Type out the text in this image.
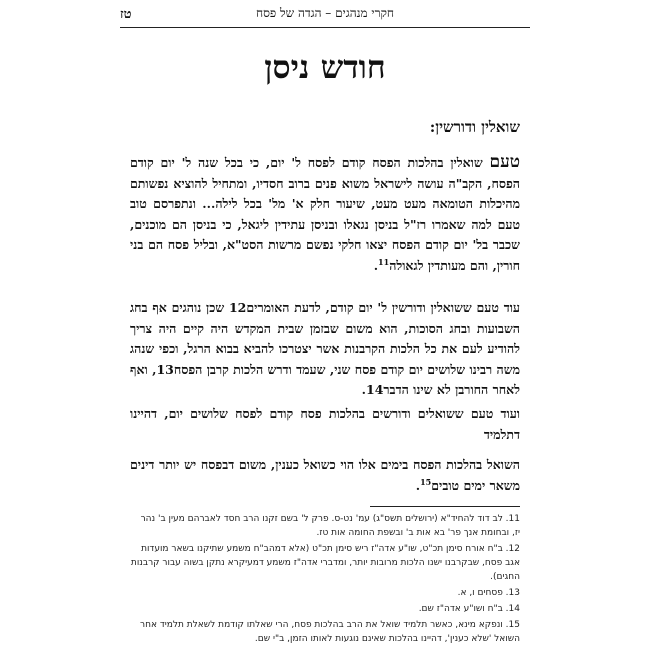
טז	חקרי מנהגים – הגדה של פסח
חודש ניסן
שואלין ודורשין:
טעם שואלין בהלכות הפסח קודם לפסח ל' יום, כי בכל שנה ל' יום קודם הפסח, הקב"ה עושה לישראל משוא פנים ברוב חסדיו, ומתחיל להוציא נפשותם מהיכלות הטומאה מעט מעט, שיעור חלק א' מל' בכל לילה... ונתפרסם טוב טעם למה שאמרו רז"ל בניסן נגאלו ובניסן עתידין ליגאל, כי בניסן הם מוכנים, שכבר בל' יום קודם הפסח יצאו חלקי נפשם מרשות הסט"א, ובליל פסח הם בני חורין, והם מעותדין לגאולה$^{11}$.
עוד טעם ששואלין ודורשין ל' יום קודם, לדעת האומרים12 שכן נוהגים אף בחג השבועות ובחג הסוכות, הוא משום שבזמן שבית המקדש היה קיים היה צריך להודיע לעם את כל הלכות הקרבנות אשר יצטרכו להביא בבוא הרגל, וכפי שנהג משה רבינו שלושים יום קודם פסח שני, שעמד ודרש הלכות קרבן הפסח13, ואף לאחר החורבן לא שינו הדבר14.
ועוד טעם ששואלים ודורשים בהלכות פסח קודם לפסח שלושים יום, דהיינו דתלמיד
השואל בהלכות הפסח בימים אלו הוי כשואל כענין, משום דבפסח יש יותר דינים משאר ימים טובים$^{15}$.

11. לב דוד להחיד"א (ירושלים תשס"ג) עמ' נט-ס. פרק ל' בשם זקנו הרב חסד לאברהם מעין ב' נהר יז, ובחומת אנך פר' בא אות ב' ובשפת החומה אות טז.

12. ב"ח אורח סימן תכ"ט, שו"ע אדה"ז ריש סימן תכ"ט (אלא דמהב"ח משמע שתיקנו בשאר מועדות אגב פסח, שבקרבנו ישנו הלכות מרובות יותר, ומדברי אדה"ז משמע דמעיקרא נתקן בשוה עבור קרבנות החגים).

13. פסחים ו, א.

14. ב"ח ושו"ע אדה"ז שם.

15. ונפקא מינא, כאשר תלמיד שואל את הרב בהלכות פסח, הרי שאלתו קודמת לשאלת תלמיד אחר השואל 'שלא כענין', דהיינו בהלכות שאינם נוגעות לאותו הזמן, ב"י שם.
